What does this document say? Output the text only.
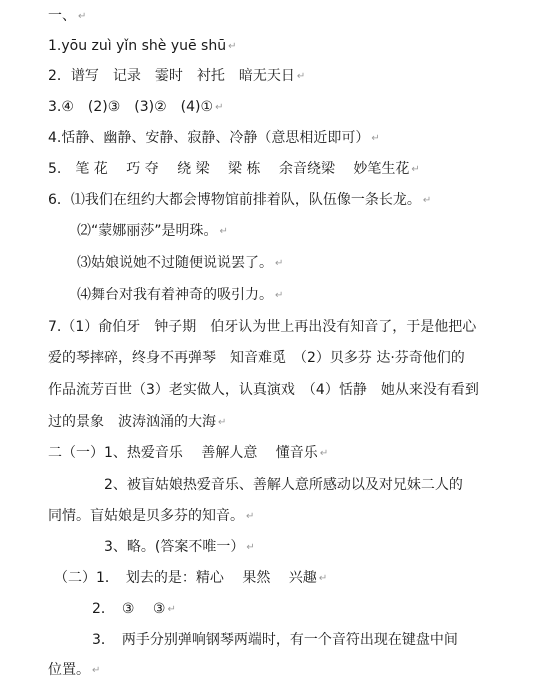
一、 ↵
1.yōu zuì yǐn shè yuē shū ↵
2．谱写　记录　霎时　衬托　暗无天日 ↵
3.④　(2)③　(3)②　(4)① ↵
4.恬静、幽静、安静、寂静、冷静（意思相近即可） ↵
5.　笔 花　 巧 夺　 绕 梁　 梁 栋　 余音绕梁　 妙笔生花 ↵
6．⑴我们在纽约大都会博物馆前排着队，队伍像一条长龙。 ↵
⑵“蒙娜丽莎”是明珠。 ↵
⑶姑娘说她不过随便说说罢了。 ↵
⑷舞台对我有着神奇的吸引力。 ↵
7.（1）俞伯牙　钟子期　伯牙认为世上再出没有知音了，于是他把心
爱的琴摔碎，终身不再弹琴　知音难觅　（2）贝多芬 达·芬奇他们的
作品流芳百世（3）老实做人，认真演戏　（4）恬静　她从来没有看到
过的景象　波涛汹涌的大海 ↵
二（一）1、热爱音乐　 善解人意　 懂音乐 ↵
2、被盲姑娘热爱音乐、善解人意所感动以及对兄妹二人的
同情。盲姑娘是贝多芬的知音。 ↵
3、略。(答案不唯一） ↵
（二）1．　划去的是：精心　 果然　 兴趣 ↵
2．　③　 ③ ↵
3．　两手分别弹响钢琴两端时，有一个音符出现在键盘中间
位置。 ↵
